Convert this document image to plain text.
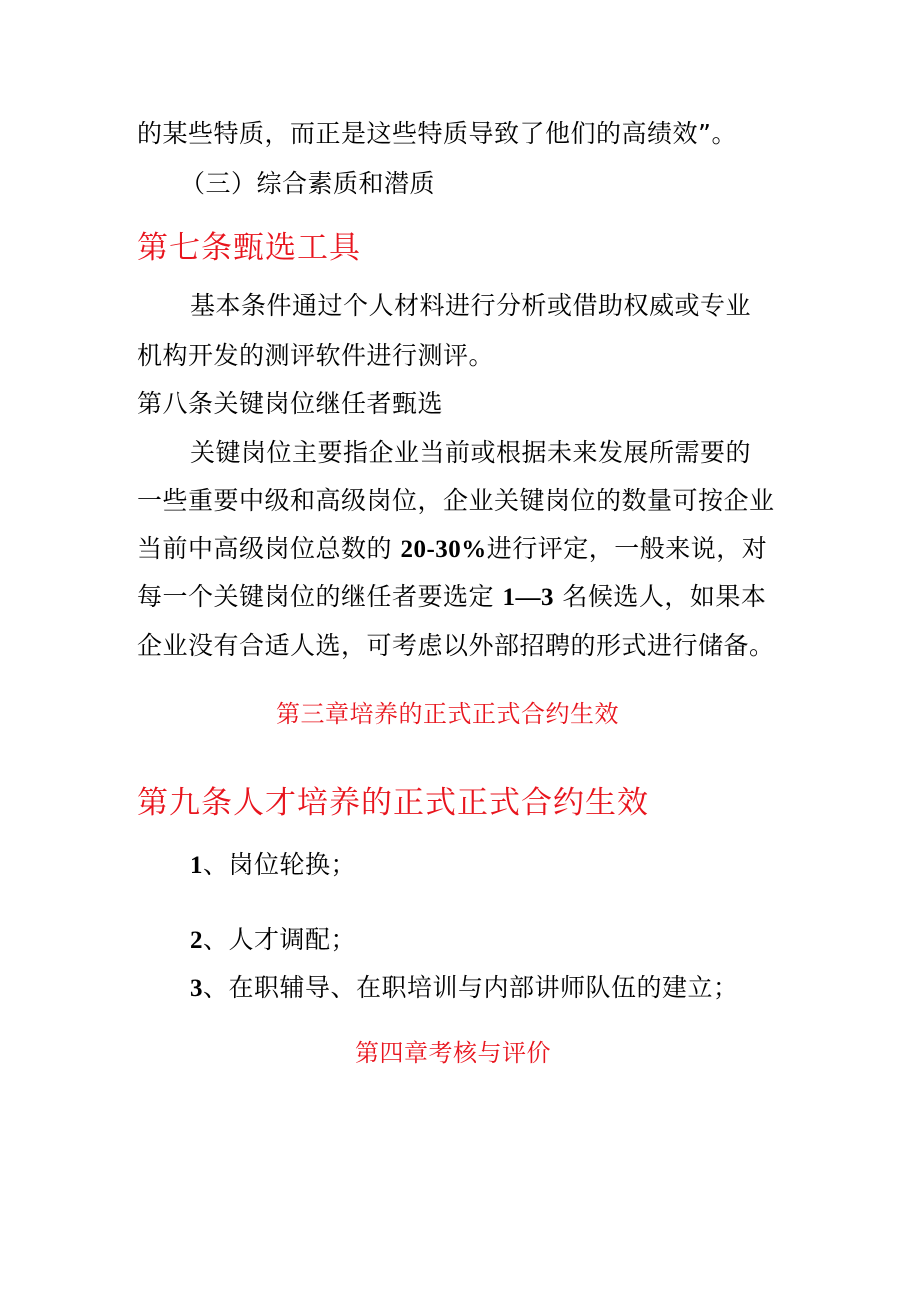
的某些特质，而正是这些特质导致了他们的高绩效”。
（三）综合素质和潜质
第七条甄选工具
基本条件通过个人材料进行分析或借助权威或专业
机构开发的测评软件进行测评。
第八条关键岗位继任者甄选
关键岗位主要指企业当前或根据未来发展所需要的
一些重要中级和高级岗位，企业关键岗位的数量可按企业
当前中高级岗位总数的 20-30%进行评定，一般来说，对
每一个关键岗位的继任者要选定 1—3 名候选人，如果本
企业没有合适人选，可考虑以外部招聘的形式进行储备。
第三章培养的正式正式合约生效
第九条人才培养的正式正式合约生效
1、岗位轮换；
2、人才调配；
3、在职辅导、在职培训与内部讲师队伍的建立；
第四章考核与评价
